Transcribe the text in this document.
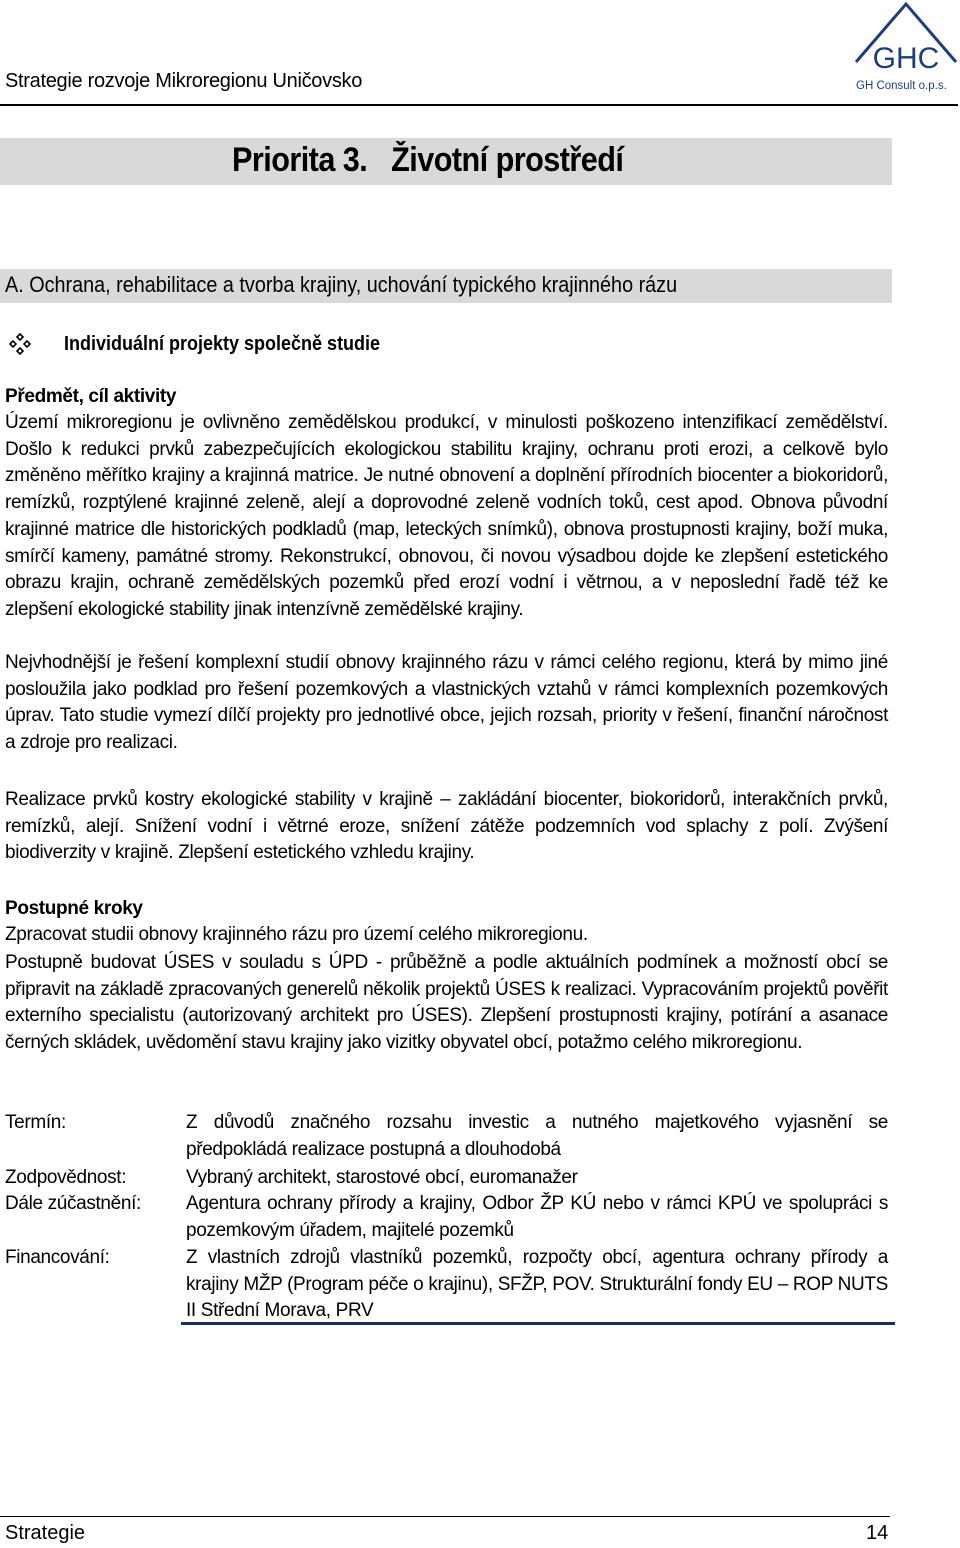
Strategie rozvoje Mikroregionu Uničovsko
GHC
GH Consult o.p.s.
Priorita 3.   Životní prostředí
A. Ochrana, rehabilitace a tvorba krajiny, uchování typického krajinného rázu
Individuální projekty společně studie
Předmět, cíl aktivity
Území mikroregionu je ovlivněno zemědělskou produkcí, v minulosti poškozeno intenzifikací zemědělství. Došlo k redukci prvků zabezpečujících ekologickou stabilitu krajiny, ochranu proti erozi, a celkově bylo změněno měřítko krajiny a krajinná matrice. Je nutné obnovení a doplnění přírodních biocenter a biokoridorů, remízků, rozptýlené krajinné zeleně, alejí a doprovodné zeleně vodních toků, cest apod. Obnova původní krajinné matrice dle historických podkladů (map, leteckých snímků), obnova prostupnosti krajiny, boží muka, smírčí kameny, památné stromy. Rekonstrukcí, obnovou, či novou výsadbou dojde ke zlepšení estetického obrazu krajin, ochraně zemědělských pozemků před erozí vodní i větrnou, a v neposlední řadě též ke zlepšení ekologické stability jinak intenzívně zemědělské krajiny.
Nejvhodnější je řešení komplexní studií obnovy krajinného rázu v rámci celého regionu, která by mimo jiné posloužila jako podklad pro řešení pozemkových a vlastnických vztahů v rámci komplexních pozemkových úprav. Tato studie vymezí dílčí projekty pro jednotlivé obce, jejich rozsah, priority v řešení, finanční náročnost a zdroje pro realizaci.
Realizace prvků kostry ekologické stability v krajině – zakládání biocenter, biokoridorů, interakčních prvků, remízků, alejí. Snížení vodní i větrné eroze, snížení zátěže podzemních vod splachy z polí. Zvýšení biodiverzity v krajině. Zlepšení estetického vzhledu krajiny.
Postupné kroky
Zpracovat studii obnovy krajinného rázu pro území celého mikroregionu.
Postupně budovat ÚSES v souladu s ÚPD - průběžně a podle aktuálních podmínek a možností obcí se připravit na základě zpracovaných generelů několik projektů ÚSES k realizaci. Vypracováním projektů pověřit externího specialistu (autorizovaný architekt pro ÚSES). Zlepšení prostupnosti krajiny, potírání a asanace černých skládek, uvědomění stavu krajiny jako vizitky obyvatel obcí, potažmo celého mikroregionu.
Termín:	Z důvodů značného rozsahu investic a nutného majetkového vyjasnění se předpokládá realizace postupná a dlouhodobá
Zodpovědnost:	Vybraný architekt, starostové obcí, euromanažer
Dále zúčastnění:	Agentura ochrany přírody a krajiny, Odbor ŽP KÚ nebo v rámci KPÚ ve spolupráci s pozemkovým úřadem, majitelé pozemků
Financování:	Z vlastních zdrojů vlastníků pozemků, rozpočty obcí, agentura ochrany přírody a krajiny MŽP (Program péče o krajinu), SFŽP, POV. Strukturální fondy EU – ROP NUTS II Střední Morava, PRV
Strategie	14
